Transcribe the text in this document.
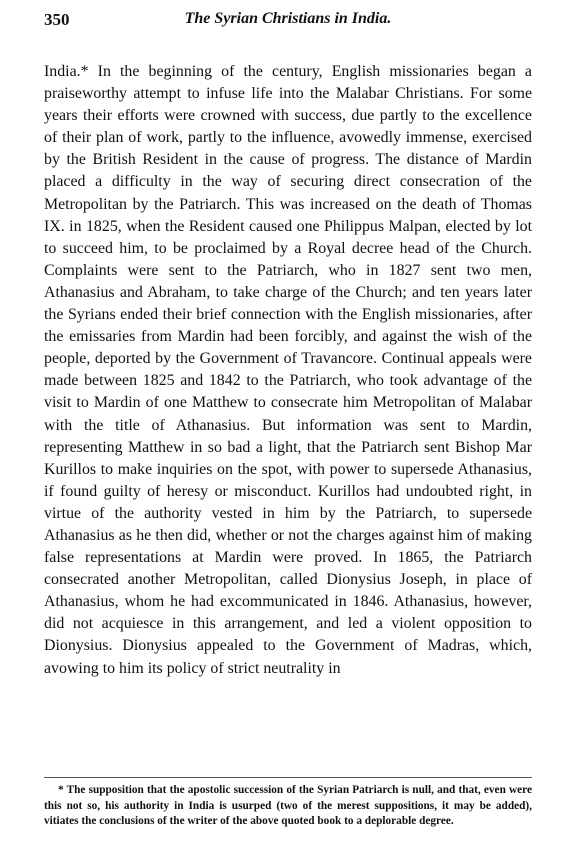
350	The Syrian Christians in India.

India.* In the beginning of the century, English missionaries began a praiseworthy attempt to infuse life into the Malabar Christians. For some years their efforts were crowned with success, due partly to the excellence of their plan of work, partly to the influence, avowedly immense, exercised by the British Resident in the cause of progress. The distance of Mardin placed a difficulty in the way of securing direct consecration of the Metropolitan by the Patriarch. This was increased on the death of Thomas IX. in 1825, when the Resident caused one Philippus Malpan, elected by lot to succeed him, to be proclaimed by a Royal decree head of the Church. Complaints were sent to the Patriarch, who in 1827 sent two men, Athanasius and Abraham, to take charge of the Church; and ten years later the Syrians ended their brief connection with the English missionaries, after the emissaries from Mardin had been forcibly, and against the wish of the people, deported by the Government of Travancore. Continual appeals were made between 1825 and 1842 to the Patriarch, who took advantage of the visit to Mardin of one Matthew to consecrate him Metropolitan of Malabar with the title of Athanasius. But information was sent to Mardin, representing Matthew in so bad a light, that the Patriarch sent Bishop Mar Kurillos to make inquiries on the spot, with power to supersede Athanasius, if found guilty of heresy or misconduct. Kurillos had undoubted right, in virtue of the authority vested in him by the Patriarch, to supersede Athanasius as he then did, whether or not the charges against him of making false representations at Mardin were proved. In 1865, the Patriarch consecrated another Metropolitan, called Dionysius Joseph, in place of Athanasius, whom he had excommunicated in 1846. Athanasius, however, did not acquiesce in this arrangement, and led a violent opposition to Dionysius. Dionysius appealed to the Government of Madras, which, avowing to him its policy of strict neutrality in

* The supposition that the apostolic succession of the Syrian Patriarch is null, and that, even were this not so, his authority in India is usurped (two of the merest suppositions, it may be added), vitiates the conclusions of the writer of the above quoted book to a deplorable degree.
